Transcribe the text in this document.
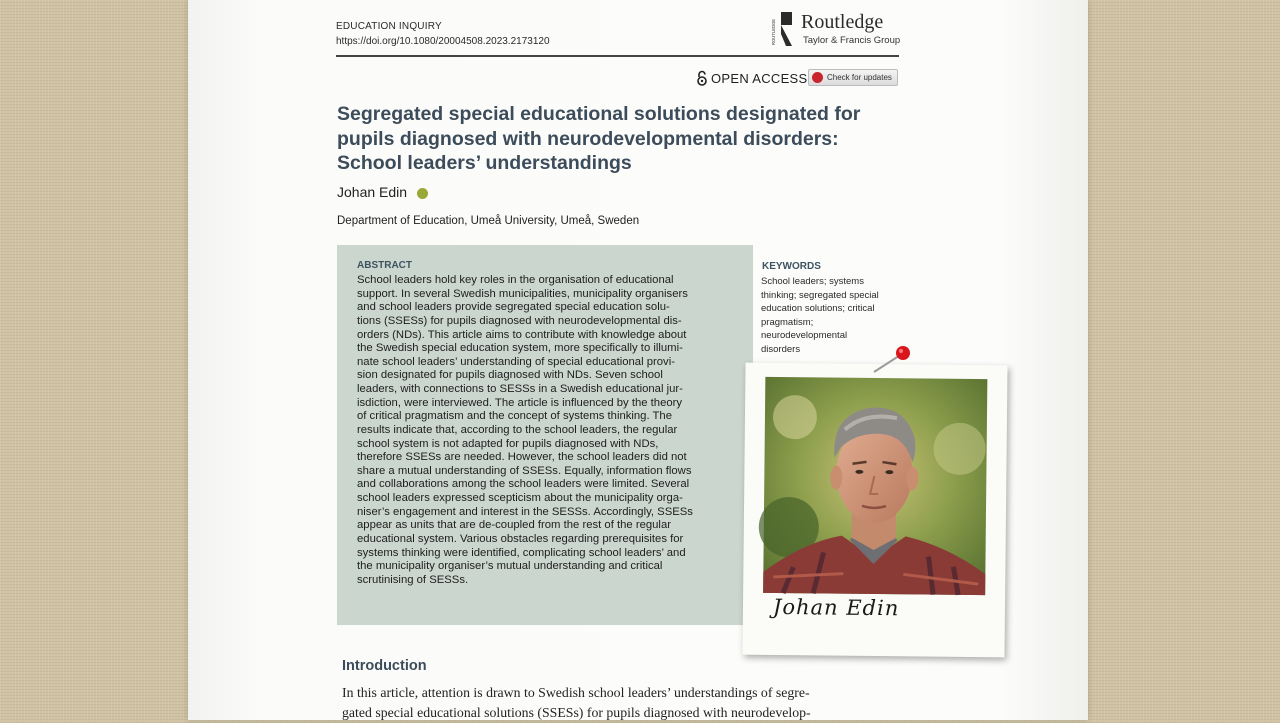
EDUCATION INQUIRY
https://doi.org/10.1080/20004508.2023.2173120	ROUTLEDGE Routledge
Taylor & Francis Group
OPEN ACCESS Check for updates
Segregated special educational solutions designated for
pupils diagnosed with neurodevelopmental disorders:
School leaders’ understandings
Johan Edin
Department of Education, Umeå University, Umeå, Sweden
ABSTRACT
School leaders hold key roles in the organisation of educational
support. In several Swedish municipalities, municipality organisers
and school leaders provide segregated special education solu-
tions (SSESs) for pupils diagnosed with neurodevelopmental dis-
orders (NDs). This article aims to contribute with knowledge about
the Swedish special education system, more specifically to illumi-
nate school leaders’ understanding of special educational provi-
sion designated for pupils diagnosed with NDs. Seven school
leaders, with connections to SESSs in a Swedish educational jur-
isdiction, were interviewed. The article is influenced by the theory
of critical pragmatism and the concept of systems thinking. The
results indicate that, according to the school leaders, the regular
school system is not adapted for pupils diagnosed with NDs,
therefore SSESs are needed. However, the school leaders did not
share a mutual understanding of SSESs. Equally, information flows
and collaborations among the school leaders were limited. Several
school leaders expressed scepticism about the municipality orga-
niser’s engagement and interest in the SESSs. Accordingly, SSESs
appear as units that are de-coupled from the rest of the regular
educational system. Various obstacles regarding prerequisites for
systems thinking were identified, complicating school leaders’ and
the municipality organiser’s mutual understanding and critical
scrutinising of SESSs.
KEYWORDS
School leaders; systems
thinking; segregated special
education solutions; critical
pragmatism;
neurodevelopmental
disorders
Johan Edin
Introduction
In this article, attention is drawn to Swedish school leaders’ understandings of segre-
gated special educational solutions (SSESs) for pupils diagnosed with neurodevelop-
